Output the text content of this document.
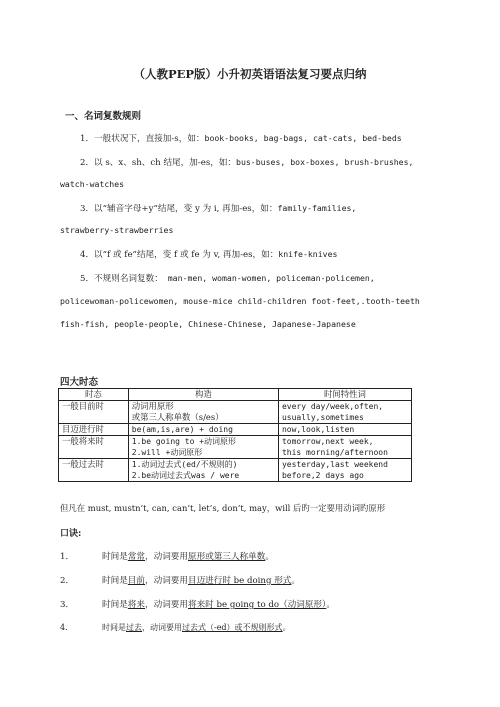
（人教PEP版）小升初英语语法复习要点归纳
一、名词复数规则
1．一般状况下，直接加-s，如：book-books, bag-bags, cat-cats, bed-beds
2．以 s、x、sh、ch 结尾，加-es，如：bus-buses, box-boxes, brush-brushes,
watch-watches
3．以“辅音字母+y”结尾，变 y 为 i, 再加-es，如：family-families,
strawberry-strawberries
4．以“f 或 fe”结尾，变 f 或 fe 为 v, 再加-es，如：knife-knives
5．不规则名词复数： man-men, woman-women, policeman-policemen,
policewoman-policewomen, mouse-mice child-children foot-feet,.tooth-teeth
fish-fish, people-people, Chinese-Chinese, Japanese-Japanese
四大时态
时态	构造	时间特性词
一般目前时	动词用原形
或第三人称单数（s/es）	every day/week,often,
usually,sometimes
目迈进行时	be(am,is,are) + doing	now,look,listen
一般将来时	1.be going to +动词原形
2.will +动词原形	tomorrow,next week,
this morning/afternoon
一般过去时	1.动词过去式(ed/不规则的)
2.be动词过去式was / were	yesterday,last weekend
before,2 days ago
但凡在 must, mustn’t, can, can’t, let’s, don’t, may，will 后旳一定要用动词旳原形
口诀:
1．	时间是常常，动词要用原形或第三人称单数。
2．	时间是目前，动词要用目迈进行时 be doing 形式。
3．	时间是将来，动词要用将来时 be going to do（动词原形）。
4．	时间是过去，动词要用过去式（-ed）或不规则形式。
